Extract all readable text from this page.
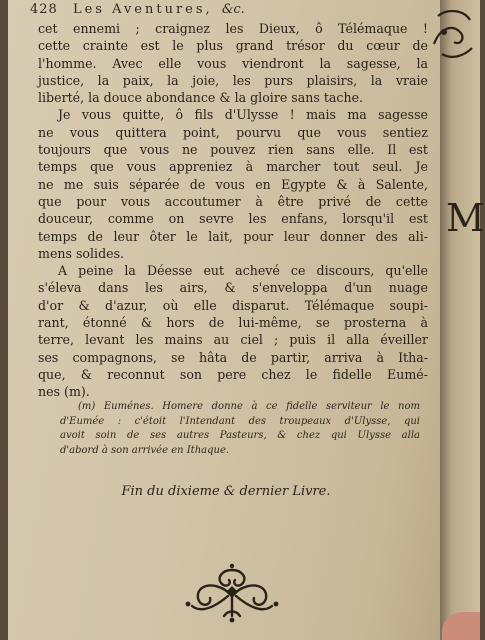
428 Les Aventures, &c.
cet ennemi ; craignez les Dieux, ô Télémaque !
cette crainte est le plus grand trésor du cœur de
l'homme. Avec elle vous viendront la sagesse, la
justice, la paix, la joie, les purs plaisirs, la vraie
liberté, la douce abondance & la gloire sans tache.
Je vous quitte, ô fils d'Ulysse ! mais ma sagesse
ne vous quittera point, pourvu que vous sentiez
toujours que vous ne pouvez rien sans elle. Il est
temps que vous appreniez à marcher tout seul. Je
ne me suis séparée de vous en Egypte & à Salente,
que pour vous accoutumer à être privé de cette
douceur, comme on sevre les enfans, lorsqu'il est
temps de leur ôter le lait, pour leur donner des ali-
mens solides.
A peine la Déesse eut achevé ce discours, qu'elle
s'éleva dans les airs, & s'enveloppa d'un nuage
d'or & d'azur, où elle disparut. Télémaque soupi-
rant, étonné & hors de lui-même, se prosterna à
terre, levant les mains au ciel ; puis il alla éveiller
ses compagnons, se hâta de partir, arriva à Itha-
que, & reconnut son pere chez le fidelle Eumé-
nes (m).
(m) Euménes. Homere donne à ce fidelle serviteur le nom
d'Eumée : c'étoit l'Intendant des troupeaux d'Ulysse, qui
avoit soin de ses autres Pasteurs, & chez qui Ulysse alla
d'abord à son arrivée en Ithaque.
Fin du dixieme & dernier Livre.
M
